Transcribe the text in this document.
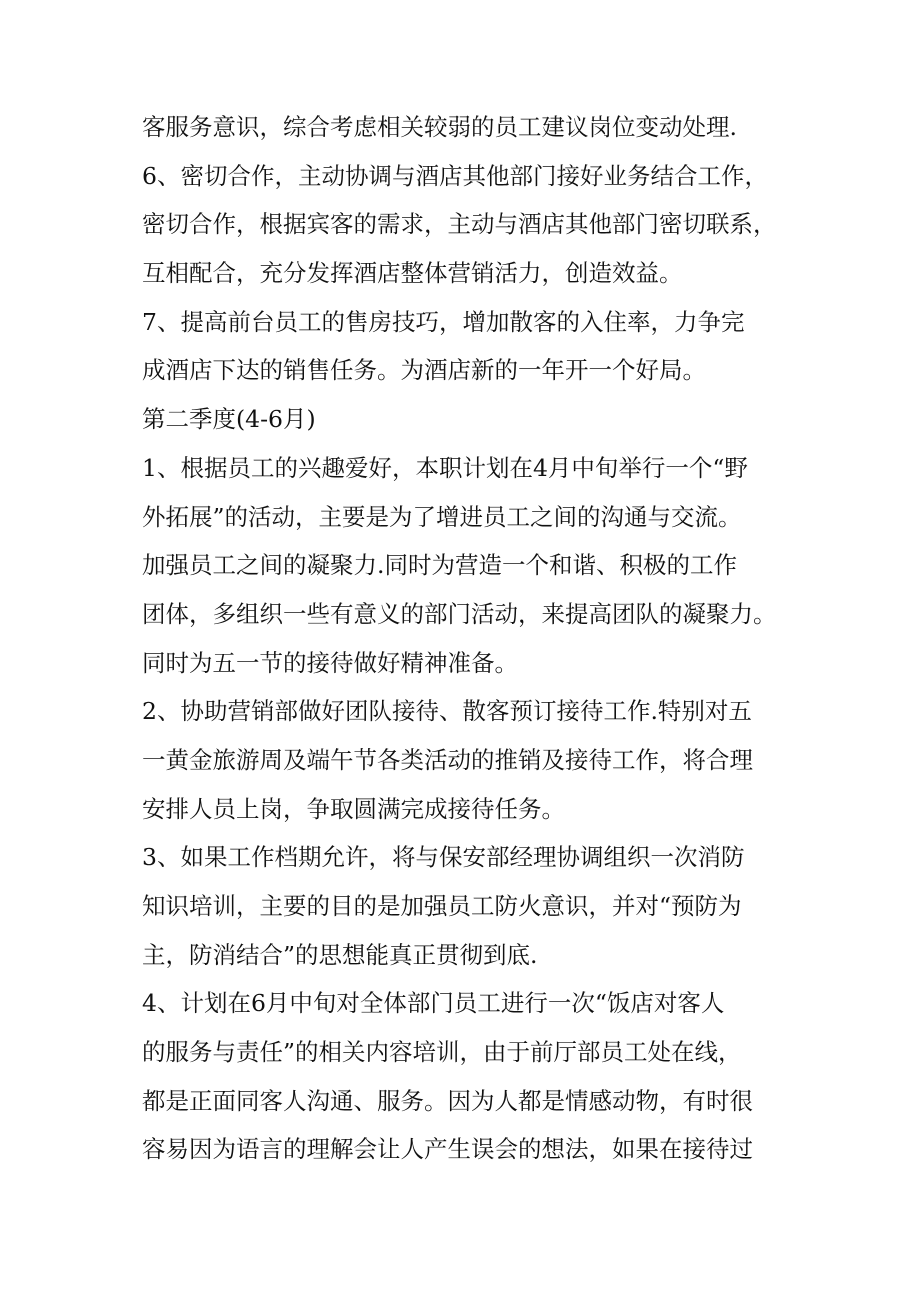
客服务意识，综合考虑相关较弱的员工建议岗位变动处理.
6、密切合作，主动协调与酒店其他部门接好业务结合工作，
密切合作，根据宾客的需求，主动与酒店其他部门密切联系，
互相配合，充分发挥酒店整体营销活力，创造效益。
7、提高前台员工的售房技巧，增加散客的入住率，力争完
成酒店下达的销售任务。为酒店新的一年开一个好局。
第二季度(4-6月)
1、根据员工的兴趣爱好，本职计划在4月中旬举行一个“野
外拓展”的活动，主要是为了增进员工之间的沟通与交流。
加强员工之间的凝聚力.同时为营造一个和谐、积极的工作
团体，多组织一些有意义的部门活动，来提高团队的凝聚力。
同时为五一节的接待做好精神准备。
2、协助营销部做好团队接待、散客预订接待工作.特别对五
一黄金旅游周及端午节各类活动的推销及接待工作，将合理
安排人员上岗，争取圆满完成接待任务。
3、如果工作档期允许，将与保安部经理协调组织一次消防
知识培训，主要的目的是加强员工防火意识，并对“预防为
主，防消结合”的思想能真正贯彻到底.
4、计划在6月中旬对全体部门员工进行一次“饭店对客人
的服务与责任”的相关内容培训，由于前厅部员工处在线，
都是正面同客人沟通、服务。因为人都是情感动物，有时很
容易因为语言的理解会让人产生误会的想法，如果在接待过
